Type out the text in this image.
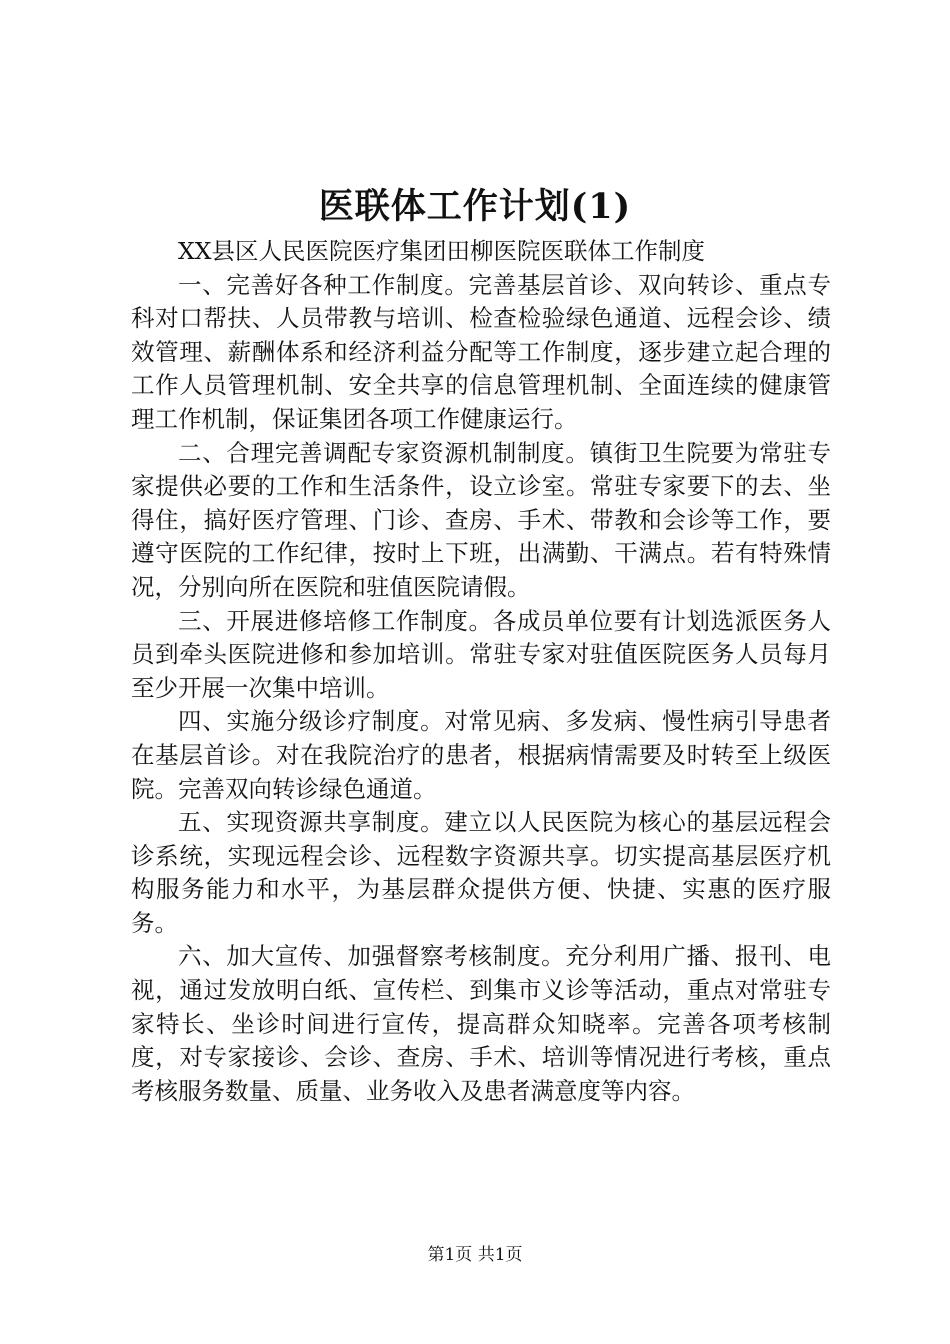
医联体工作计划(1)

XX县区人民医院医疗集团田柳医院医联体工作制度

一、完善好各种工作制度。完善基层首诊、双向转诊、重点专科对口帮扶、人员带教与培训、检查检验绿色通道、远程会诊、绩效管理、薪酬体系和经济利益分配等工作制度，逐步建立起合理的工作人员管理机制、安全共享的信息管理机制、全面连续的健康管理工作机制，保证集团各项工作健康运行。

二、合理完善调配专家资源机制制度。镇街卫生院要为常驻专家提供必要的工作和生活条件，设立诊室。常驻专家要下的去、坐得住，搞好医疗管理、门诊、查房、手术、带教和会诊等工作，要遵守医院的工作纪律，按时上下班，出满勤、干满点。若有特殊情况，分别向所在医院和驻值医院请假。

三、开展进修培修工作制度。各成员单位要有计划选派医务人员到牵头医院进修和参加培训。常驻专家对驻值医院医务人员每月至少开展一次集中培训。

四、实施分级诊疗制度。对常见病、多发病、慢性病引导患者在基层首诊。对在我院治疗的患者，根据病情需要及时转至上级医院。完善双向转诊绿色通道。

五、实现资源共享制度。建立以人民医院为核心的基层远程会诊系统，实现远程会诊、远程数字资源共享。切实提高基层医疗机构服务能力和水平，为基层群众提供方便、快捷、实惠的医疗服务。

六、加大宣传、加强督察考核制度。充分利用广播、报刊、电视，通过发放明白纸、宣传栏、到集市义诊等活动，重点对常驻专家特长、坐诊时间进行宣传，提高群众知晓率。完善各项考核制度，对专家接诊、会诊、查房、手术、培训等情况进行考核，重点考核服务数量、质量、业务收入及患者满意度等内容。

第1页 共1页
